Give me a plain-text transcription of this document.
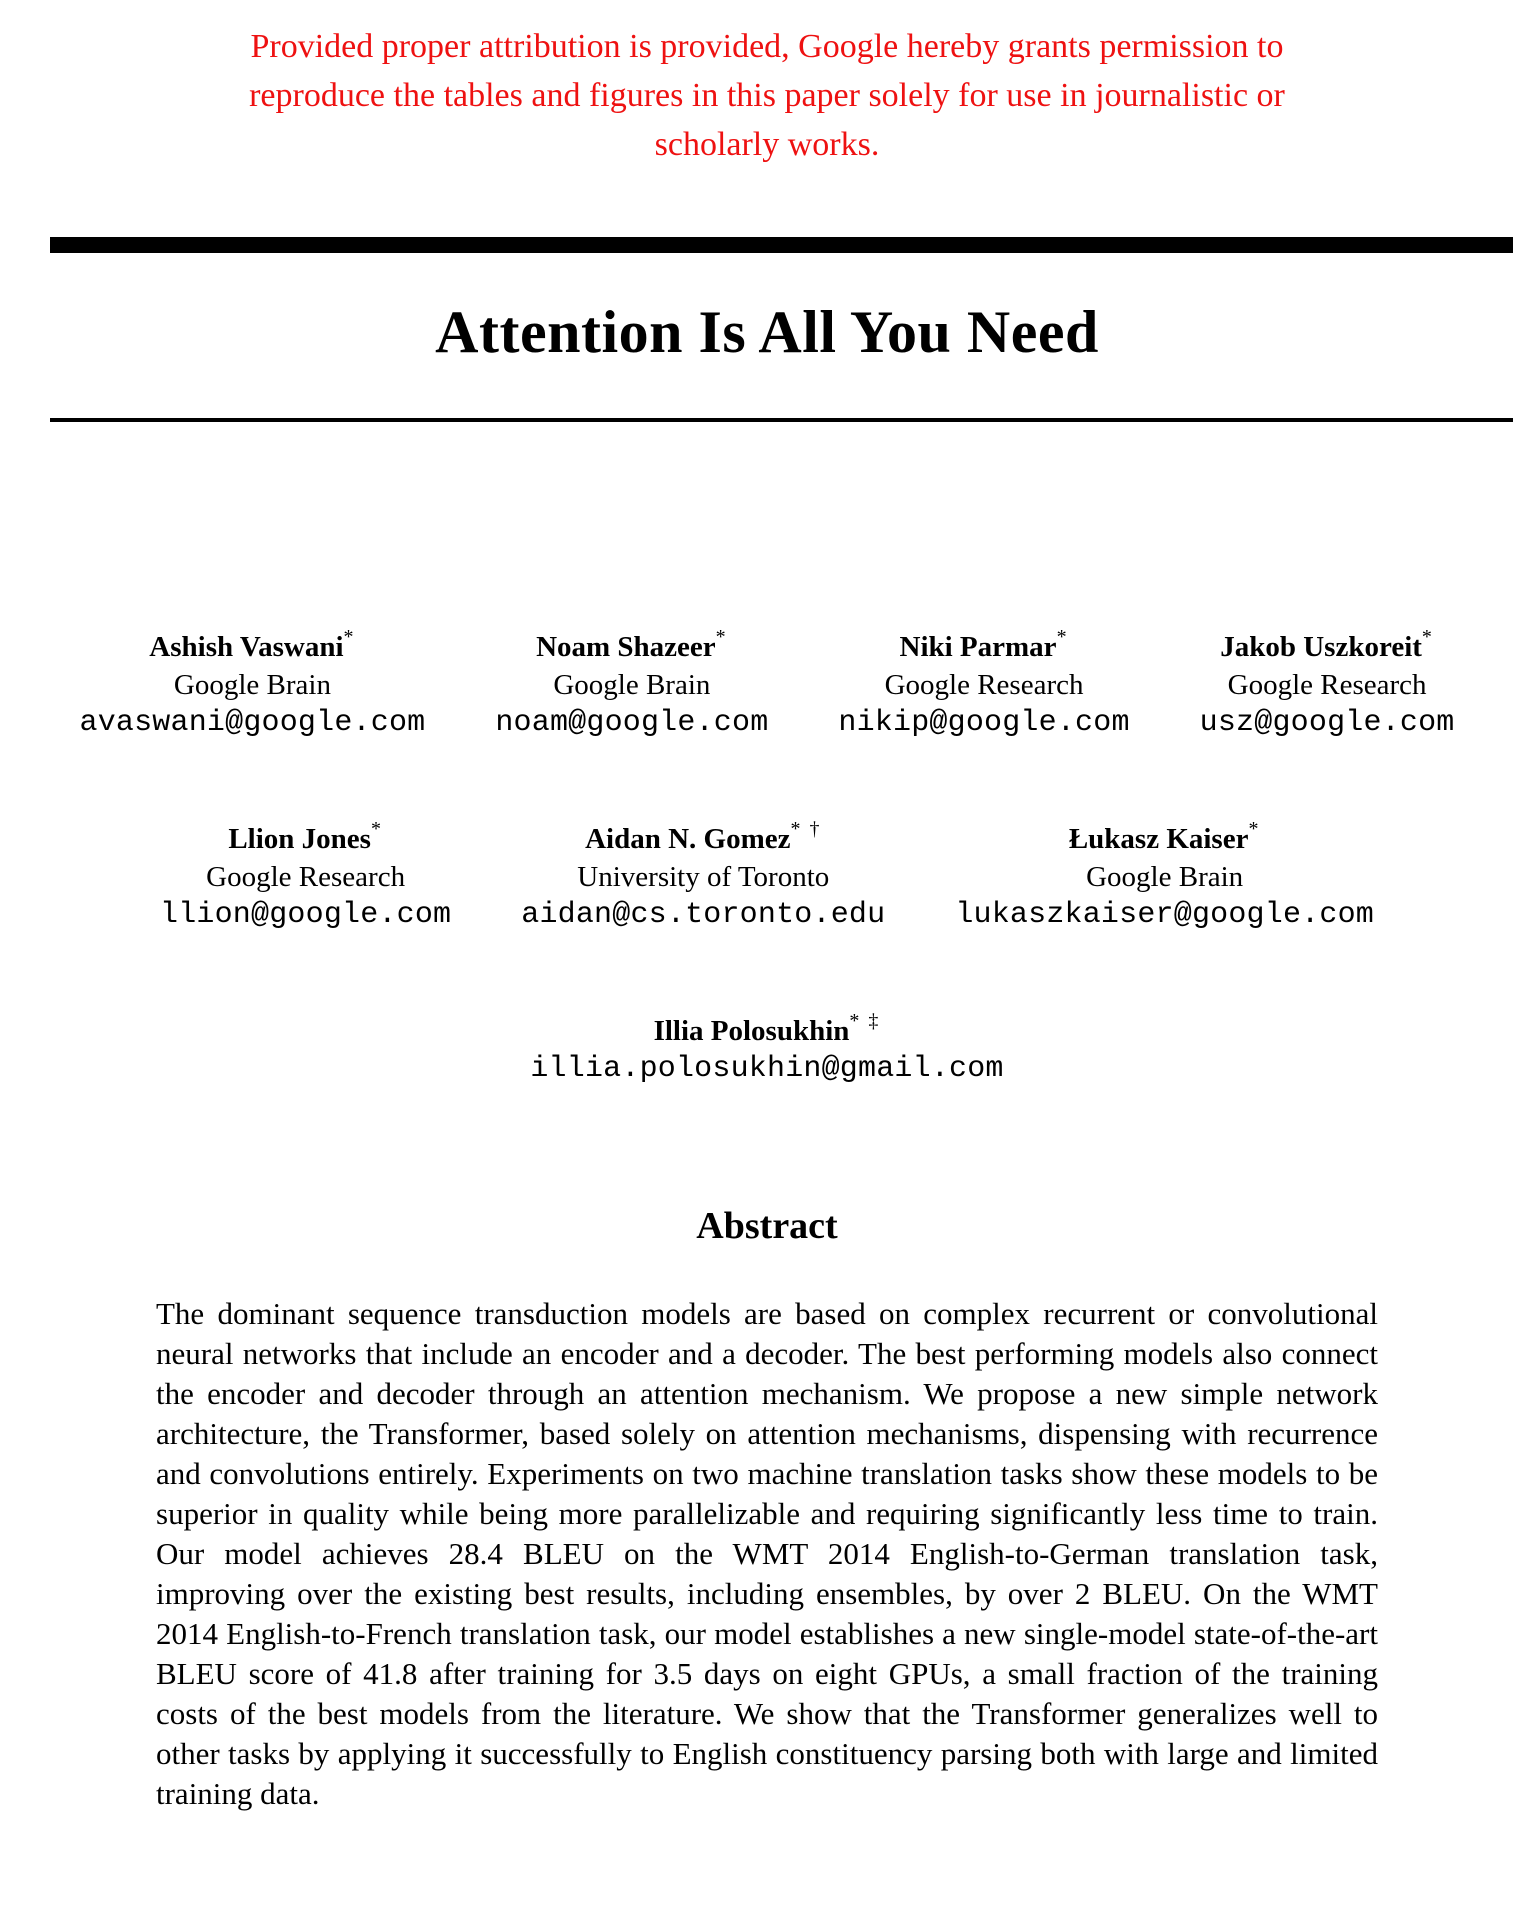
Provided proper attribution is provided, Google hereby grants permission to
reproduce the tables and figures in this paper solely for use in journalistic or
scholarly works.
Attention Is All You Need
Ashish Vaswani*
Google Brain
avaswani@google.com
Noam Shazeer*
Google Brain
noam@google.com
Niki Parmar*
Google Research
nikip@google.com
Jakob Uszkoreit*
Google Research
usz@google.com
Llion Jones*
Google Research
llion@google.com
Aidan N. Gomez* †
University of Toronto
aidan@cs.toronto.edu
Łukasz Kaiser*
Google Brain
lukaszkaiser@google.com
Illia Polosukhin* ‡
illia.polosukhin@gmail.com
Abstract

The dominant sequence transduction models are based on complex recurrent or convolutional neural networks that include an encoder and a decoder. The best performing models also connect the encoder and decoder through an attention mechanism. We propose a new simple network architecture, the Transformer, based solely on attention mechanisms, dispensing with recurrence and convolutions entirely. Experiments on two machine translation tasks show these models to be superior in quality while being more parallelizable and requiring significantly less time to train. Our model achieves 28.4 BLEU on the WMT 2014 English-to-German translation task, improving over the existing best results, including ensembles, by over 2 BLEU. On the WMT 2014 English-to-French translation task, our model establishes a new single-model state-of-the-art BLEU score of 41.8 after training for 3.5 days on eight GPUs, a small fraction of the training costs of the best models from the literature. We show that the Transformer generalizes well to other tasks by applying it successfully to English constituency parsing both with large and limited training data.
